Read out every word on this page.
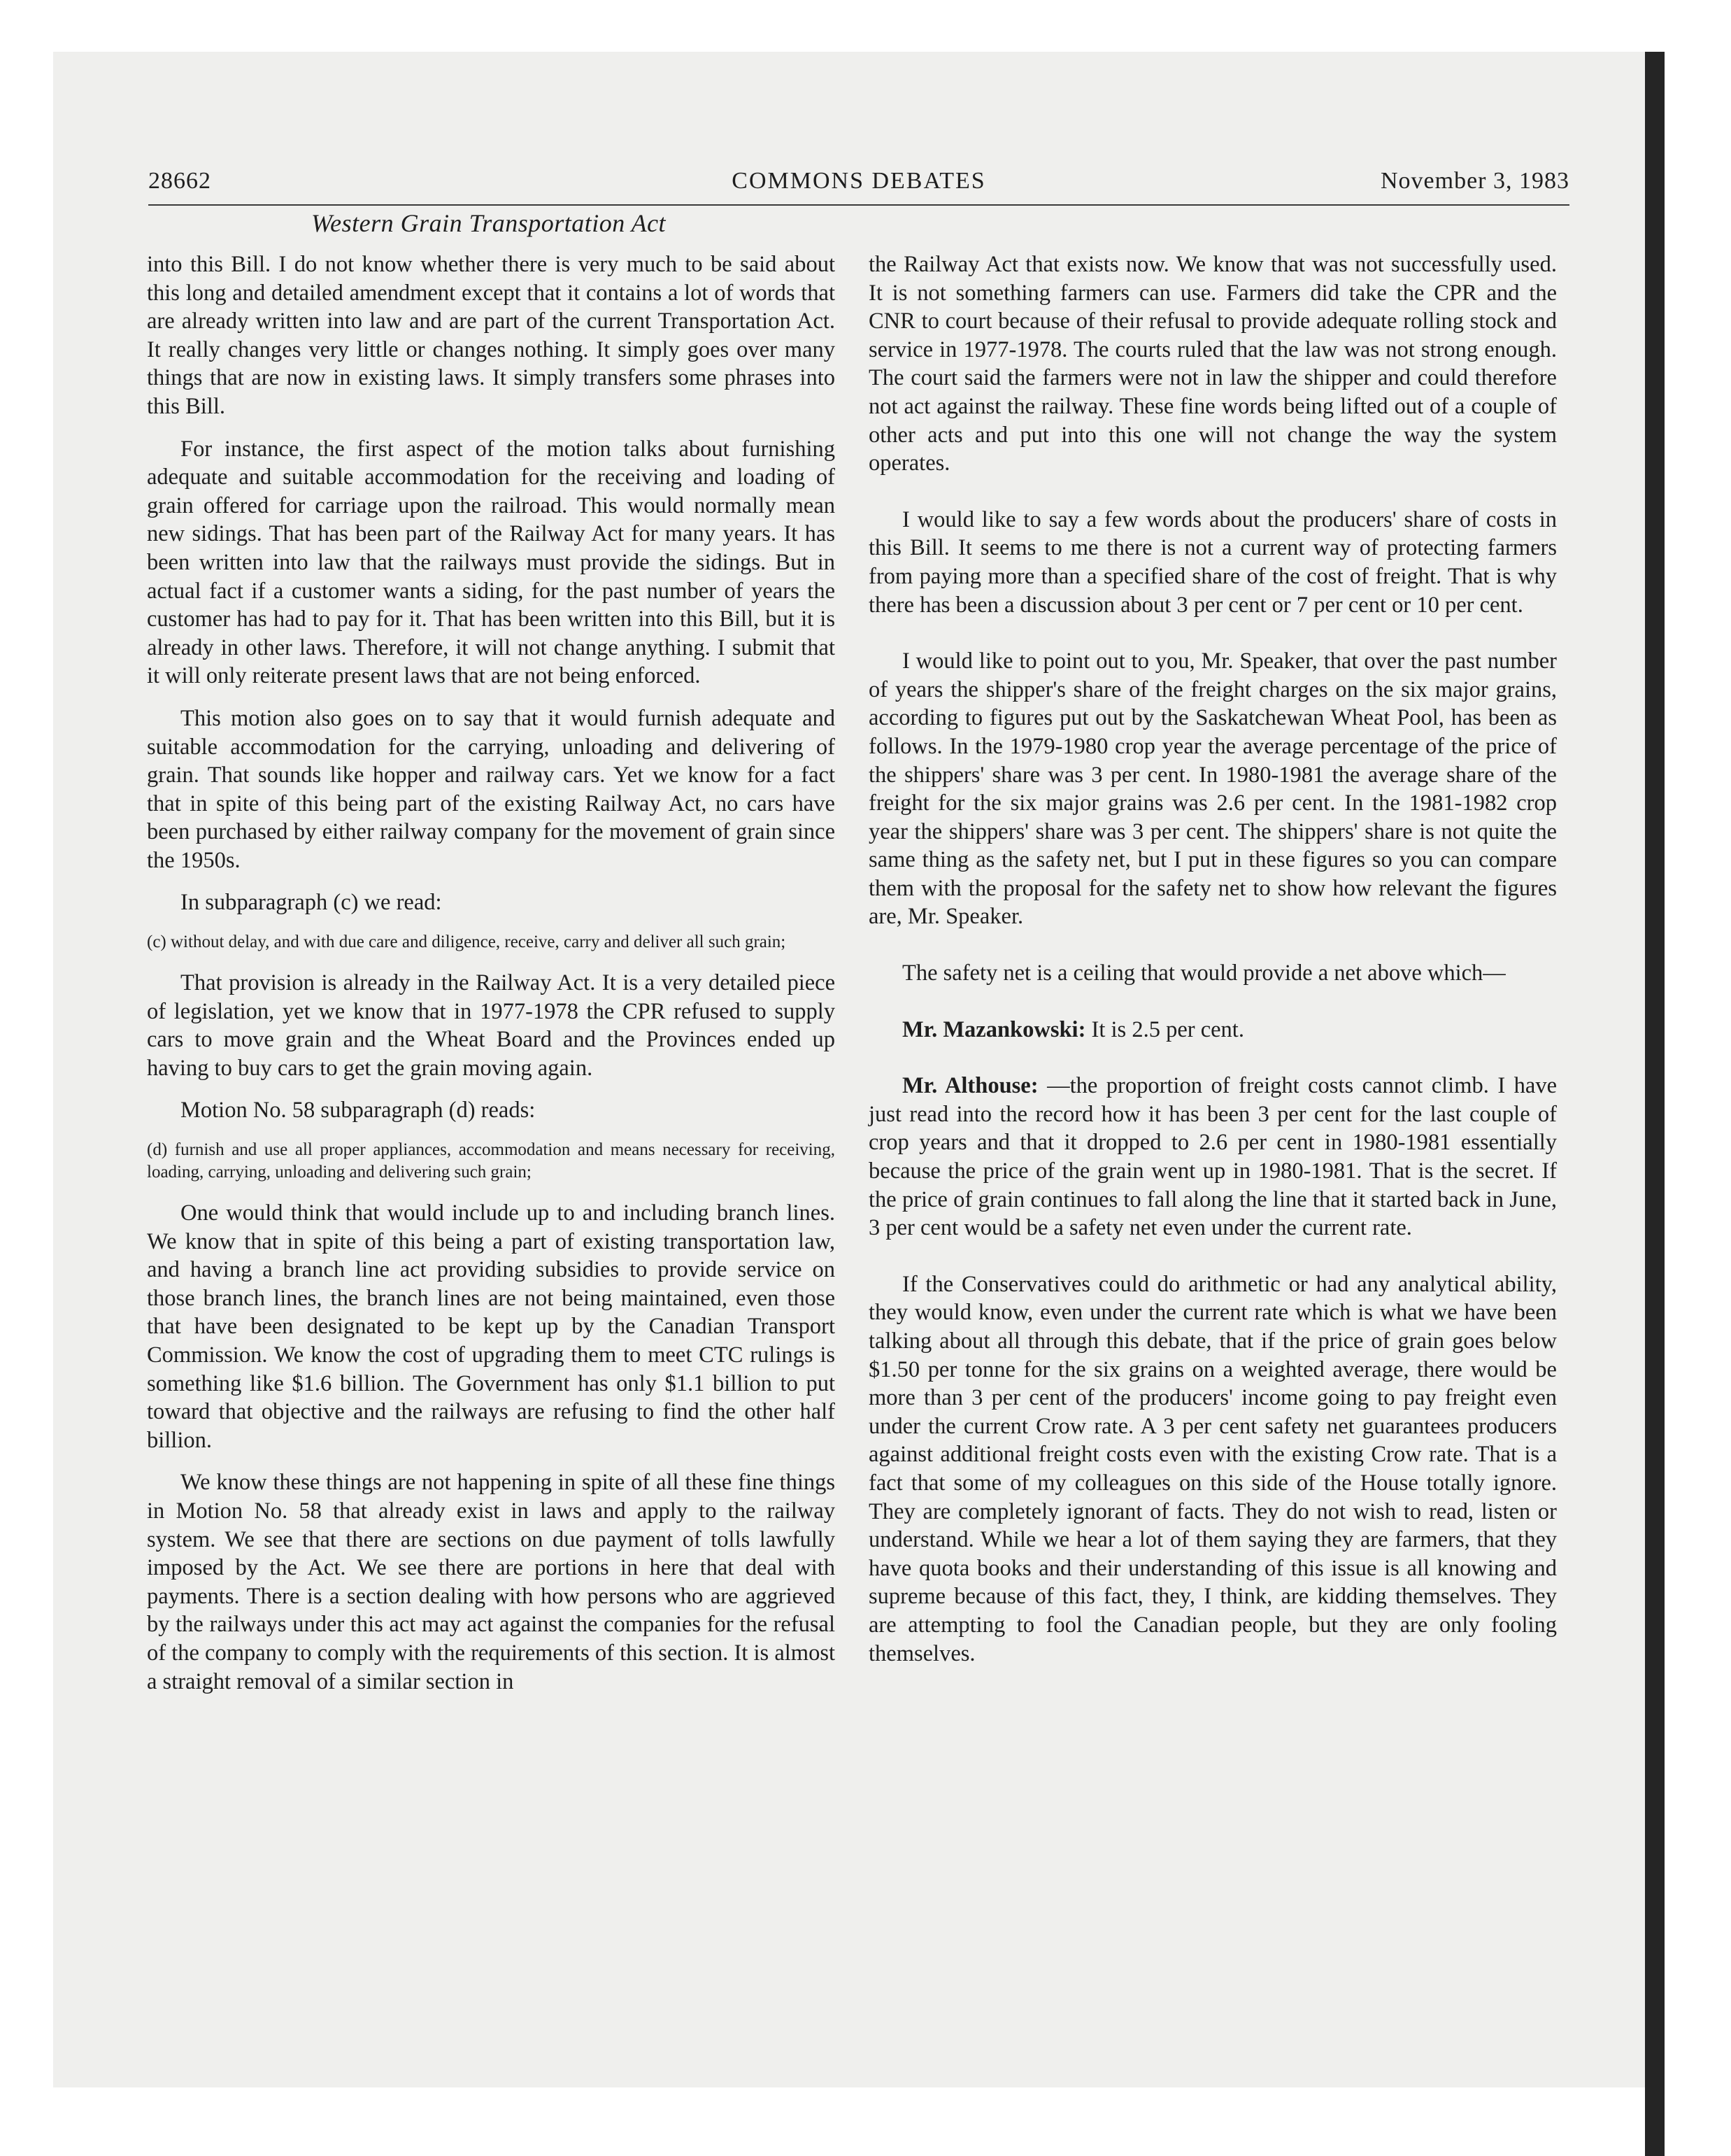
28662	COMMONS DEBATES	November 3, 1983
Western Grain Transportation Act

into this Bill. I do not know whether there is very much to be said about this long and detailed amendment except that it contains a lot of words that are already written into law and are part of the current Transportation Act. It really changes very little or changes nothing. It simply goes over many things that are now in existing laws. It simply transfers some phrases into this Bill.

For instance, the first aspect of the motion talks about furnishing adequate and suitable accommodation for the receiving and loading of grain offered for carriage upon the railroad. This would normally mean new sidings. That has been part of the Railway Act for many years. It has been written into law that the railways must provide the sidings. But in actual fact if a customer wants a siding, for the past number of years the customer has had to pay for it. That has been written into this Bill, but it is already in other laws. Therefore, it will not change anything. I submit that it will only reiterate present laws that are not being enforced.

This motion also goes on to say that it would furnish adequate and suitable accommodation for the carrying, unloading and delivering of grain. That sounds like hopper and railway cars. Yet we know for a fact that in spite of this being part of the existing Railway Act, no cars have been purchased by either railway company for the movement of grain since the 1950s.

In subparagraph (c) we read:

(c) without delay, and with due care and diligence, receive, carry and deliver all such grain;

That provision is already in the Railway Act. It is a very detailed piece of legislation, yet we know that in 1977-1978 the CPR refused to supply cars to move grain and the Wheat Board and the Provinces ended up having to buy cars to get the grain moving again.

Motion No. 58 subparagraph (d) reads:

(d) furnish and use all proper appliances, accommodation and means necessary for receiving, loading, carrying, unloading and delivering such grain;

One would think that would include up to and including branch lines. We know that in spite of this being a part of existing transportation law, and having a branch line act providing subsidies to provide service on those branch lines, the branch lines are not being maintained, even those that have been designated to be kept up by the Canadian Transport Commission. We know the cost of upgrading them to meet CTC rulings is something like $1.6 billion. The Government has only $1.1 billion to put toward that objective and the railways are refusing to find the other half billion.

We know these things are not happening in spite of all these fine things in Motion No. 58 that already exist in laws and apply to the railway system. We see that there are sections on due payment of tolls lawfully imposed by the Act. We see there are portions in here that deal with payments. There is a section dealing with how persons who are aggrieved by the railways under this act may act against the companies for the refusal of the company to comply with the requirements of this section. It is almost a straight removal of a similar section in

the Railway Act that exists now. We know that was not successfully used. It is not something farmers can use. Farmers did take the CPR and the CNR to court because of their refusal to provide adequate rolling stock and service in 1977-1978. The courts ruled that the law was not strong enough. The court said the farmers were not in law the shipper and could therefore not act against the railway. These fine words being lifted out of a couple of other acts and put into this one will not change the way the system operates.

I would like to say a few words about the producers' share of costs in this Bill. It seems to me there is not a current way of protecting farmers from paying more than a specified share of the cost of freight. That is why there has been a discussion about 3 per cent or 7 per cent or 10 per cent.

I would like to point out to you, Mr. Speaker, that over the past number of years the shipper's share of the freight charges on the six major grains, according to figures put out by the Saskatchewan Wheat Pool, has been as follows. In the 1979-1980 crop year the average percentage of the price of the shippers' share was 3 per cent. In 1980-1981 the average share of the freight for the six major grains was 2.6 per cent. In the 1981-1982 crop year the shippers' share was 3 per cent. The shippers' share is not quite the same thing as the safety net, but I put in these figures so you can compare them with the proposal for the safety net to show how relevant the figures are, Mr. Speaker.

The safety net is a ceiling that would provide a net above which—

Mr. Mazankowski: It is 2.5 per cent.

Mr. Althouse: —the proportion of freight costs cannot climb. I have just read into the record how it has been 3 per cent for the last couple of crop years and that it dropped to 2.6 per cent in 1980-1981 essentially because the price of the grain went up in 1980-1981. That is the secret. If the price of grain continues to fall along the line that it started back in June, 3 per cent would be a safety net even under the current rate.

If the Conservatives could do arithmetic or had any analytical ability, they would know, even under the current rate which is what we have been talking about all through this debate, that if the price of grain goes below $1.50 per tonne for the six grains on a weighted average, there would be more than 3 per cent of the producers' income going to pay freight even under the current Crow rate. A 3 per cent safety net guarantees producers against additional freight costs even with the existing Crow rate. That is a fact that some of my colleagues on this side of the House totally ignore. They are completely ignorant of facts. They do not wish to read, listen or understand. While we hear a lot of them saying they are farmers, that they have quota books and their understanding of this issue is all knowing and supreme because of this fact, they, I think, are kidding themselves. They are attempting to fool the Canadian people, but they are only fooling themselves.
